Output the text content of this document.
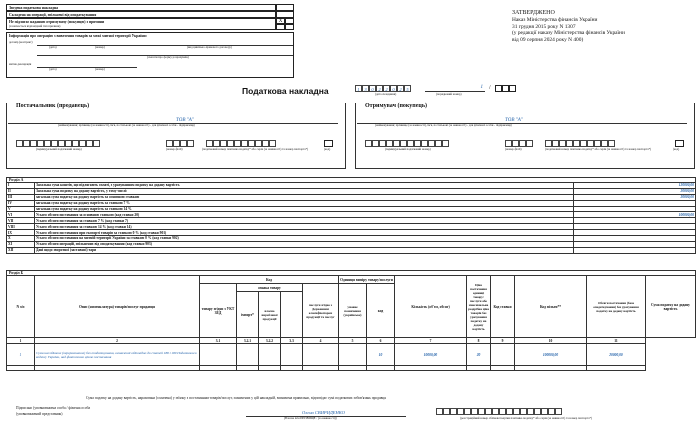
Зведена податкова накладна
Складена на операції, звільнені від оподаткування
Не підлягає наданню отримувачу (покупцю) з причини
(зазначається відповідний тип причини)
X
Інформація про операцію з вивезення товарів за межі митної території України:
договір (контракт)
(дата)	(номер)	(вид цивільно-правового договору)
(сказати про форму розрахунків)
митна декларація
(дата)	(номер)
ЗАТВЕРДЖЕНО
Наказ Міністерства фінансів України
31 грудня 2015 року N 1307
(у редакції наказу Міністерства фінансів України
від 09 серпня 2024 року N 400)
Податкова накладна	1	3	0	2	2	0	2	5
(дата складання)
1
(порядковий номер)
/
Постачальник (продавець)
ТОВ "А"
(найменування; прізвище (за наявності), ім'я, по батькові (за наявності) - для фізичної особи - підприємця)
(індивідуальний податковий номер)	(номер філії)	(податковий номер платника податку* або серія (за наявності) та номер паспорта*)	(код)
Отримувач (покупець)
ТОВ "А"
(найменування; прізвище (за наявності), ім'я, по батькові (за наявності) - для фізичної особи - підприємця)
(індивідуальний податковий номер)	(номер філії)	(податковий номер платника податку* або серія (за наявності) та номер паспорта*)	(код)
Розділ А
I	Загальна сума коштів, що підлягають сплаті, з урахуванням податку на додану вартість	120000,00
II	Загальна сума податку на додану вартість, у тому числі:	20000,00
III	загальна сума податку на додану вартість за основною ставкою	20000,00
IV	загальна сума податку на додану вартість за ставкою 7 %	
V	загальна сума податку на додану вартість за ставкою 14 %	
VI	Усього обсяги постачання за основною ставкою (код ставки 20)	100000,00
VII	Усього обсяги постачання за ставкою 7 % (код ставки 7)	
VIII	Усього обсяги постачання за ставкою 14 % (код ставки 14)	
IX	Усього обсяги постачання при експорті товарів за ставкою 0 % (код ставки 901)	
X	Усього обсяги постачання на митній території України за ставкою 0 % (код ставки 902)	
XI	Усього обсяги операцій, звільнених від оподаткування (код ставки 903)	
XII	Дані щодо зворотної (заставної) тари	
Розділ Б
N з/п	Опис (номенклатура) товарів/послуг продавця	Код					Одиниця виміру товару/послуги		Кількість (об'єм, обсяг)	Ціна постачання одиниці товару/послуги або максимальна роздрібна ціна товарів без урахування податку на додану вартість	Код ставки	Код пільги**	Обсяги постачання (база оподаткування) без урахування податку на додану вартість	Сума податку на додану вартість
		товару згідно з УКТ ЗЕД	ознака товару			послуги згідно з Державним класифікатором продукції та послуг	умовне позначення (українське)	код						
			імпорт*	власно виробленої продукції										
1	2	3.1	3.2.1	3.2.2	3.3	4	5	6	7	8	9	10	11	
1	Сума наслідкових (перерахованих) без оподаткування, визначеної відповідно до статей 188 і 189 Податкового кодексу України, над фактичною ціною постачання							10	10000,00	20		100000,00	20000,00	

Сума податку на додану вартість, нарахована (сплачена) у зв'язку з постачанням товарів/послуг, зазначених у цій накладній, визначена правильно, відповідає сумі податкових зобов'язань продавця
Підписано (уповноважена особа / фізична особа
(уповноважений представник)	Олена СВИРИДЕНКО
(Власне ім'я ПРІЗВИЩЕ / (за наявності))	(реєстраційний номер облікової картки платника податку* або серія (за наявності) та номер паспорта*)
